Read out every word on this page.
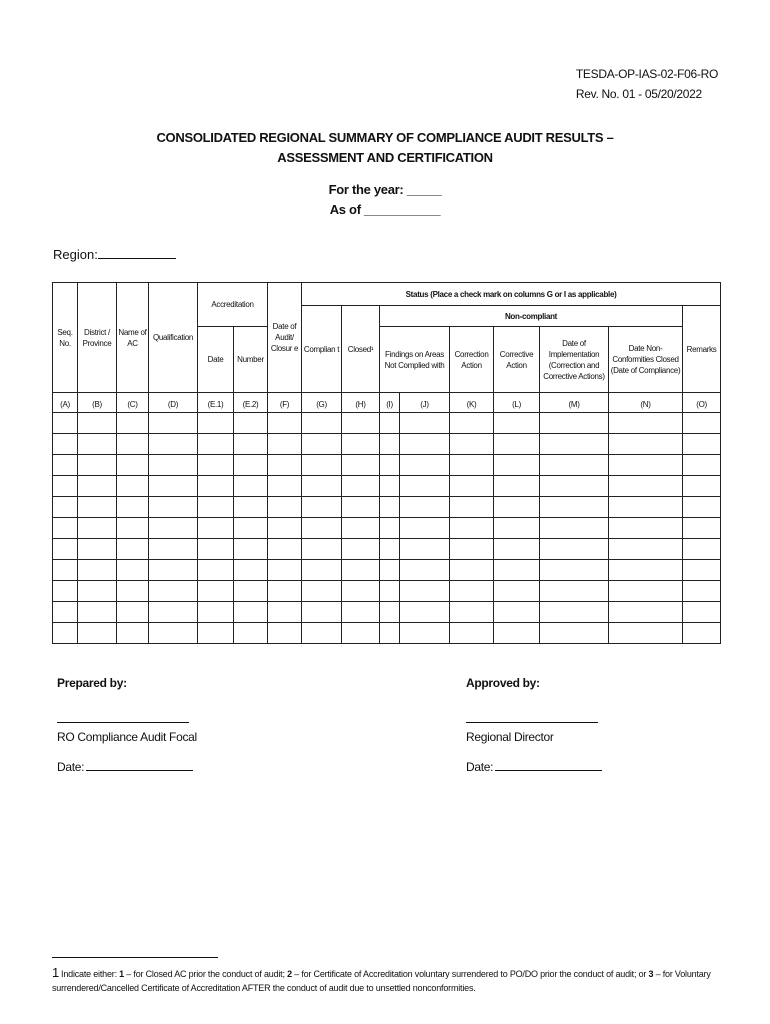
TESDA-OP-IAS-02-F06-RO
Rev. No. 01 - 05/20/2022
CONSOLIDATED REGIONAL SUMMARY OF COMPLIANCE AUDIT RESULTS –
ASSESSMENT AND CERTIFICATION
For the year: _____
As of ___________
Region:
Seq. No.	District / Province	Name of AC	Qualification	Accreditation		Date of Audit/ Closur e	Status (Place a check mark on columns G or I as applicable)								
							Complian t	Closed¹	Non-compliant						Remarks
				Date	Number				Findings on Areas Not Complied with		Correction Action	Corrective Action	Date of Implementation (Correction and Corrective Actions)	Date Non-Conformities Closed (Date of Compliance)	
(A)	(B)	(C)	(D)	(E.1)	(E.2)	(F)	(G)	(H)	(I)	(J)	(K)	(L)	(M)	(N)	(O)

Prepared by:
RO Compliance Audit Focal
Date:
Approved by:
Regional Director
Date:
1 Indicate either: 1 – for Closed AC prior the conduct of audit; 2 – for Certificate of Accreditation voluntary surrendered to PO/DO prior the conduct of audit; or 3 – for Voluntary surrendered/Cancelled Certificate of Accreditation AFTER the conduct of audit due to unsettled nonconformities.
